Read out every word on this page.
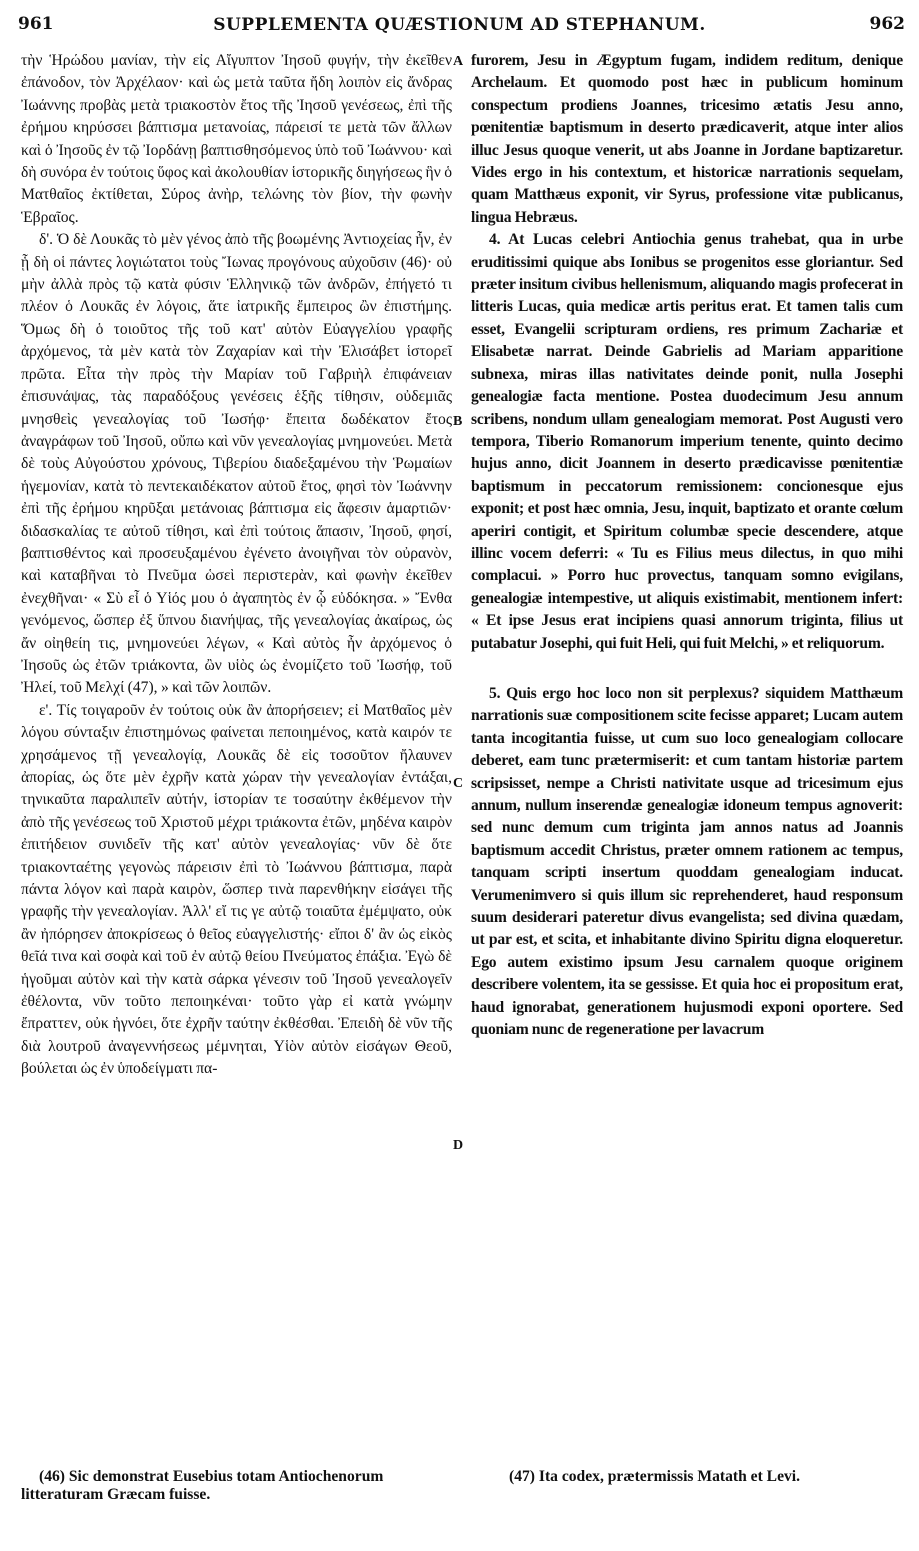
961	SUPPLEMENTA QUÆSTIONUM AD STEPHANUM.	962

τὴν Ἡρώδου μανίαν, τὴν εἰς Αἴγυπτον Ἰησοῦ φυγήν, τὴν ἐκεῖθεν ἐπάνοδον, τὸν Ἀρχέλαον· καὶ ὡς μετὰ ταῦτα ἤδη λοιπὸν εἰς ἄνδρας Ἰωάννης προβὰς μετὰ τριακοστὸν ἔτος τῆς Ἰησοῦ γενέσεως, ἐπὶ τῆς ἐρήμου κηρύσσει βάπτισμα μετανοίας, πάρεισί τε μετὰ τῶν ἄλλων καὶ ὁ Ἰησοῦς ἐν τῷ Ἰορδάνῃ βαπτισθησόμενος ὑπὸ τοῦ Ἰωάννου· καὶ δὴ συνόρα ἐν τούτοις ὕφος καὶ ἀκολουθίαν ἱστορικῆς διηγήσεως ἣν ὁ Ματθαῖος ἐκτίθεται, Σύρος ἀνὴρ, τελώνης τὸν βίον, τὴν φωνὴν Ἑβραῖος.

δ'. Ὁ δὲ Λουκᾶς τὸ μὲν γένος ἀπὸ τῆς βοωμένης Ἀντιοχείας ἦν, ἐν ᾗ δὴ οἱ πάντες λογιώτατοι τοὺς Ἴωνας προγόνους αὐχοῦσιν (46)· οὐ μὴν ἀλλὰ πρὸς τῷ κατὰ φύσιν Ἑλληνικῷ τῶν ἀνδρῶν, ἐπήγετό τι πλέον ὁ Λουκᾶς ἐν λόγοις, ἅτε ἰατρικῆς ἔμπειρος ὢν ἐπιστήμης. Ὅμως δὴ ὁ τοιοῦτος τῆς τοῦ κατ' αὐτὸν Εὐαγγελίου γραφῆς ἀρχόμενος, τὰ μὲν κατὰ τὸν Ζαχαρίαν καὶ τὴν Ἐλισάβετ ἱστορεῖ πρῶτα. Εἶτα τὴν πρὸς τὴν Μαρίαν τοῦ Γαβριὴλ ἐπιφάνειαν ἐπισυνάψας, τὰς παραδόξους γενέσεις ἑξῆς τίθησιν, οὐδεμιᾶς μνησθεὶς γενεαλογίας τοῦ Ἰωσήφ· ἔπειτα δωδέκατον ἔτος ἀναγράφων τοῦ Ἰησοῦ, οὔπω καὶ νῦν γενεαλογίας μνημονεύει. Μετὰ δὲ τοὺς Αὐγούστου χρόνους, Τιβερίου διαδεξαμένου τὴν Ῥωμαίων ἡγεμονίαν, κατὰ τὸ πεντεκαιδέκατον αὐτοῦ ἔτος, φησὶ τὸν Ἰωάννην ἐπὶ τῆς ἐρήμου κηρῦξαι μετάνοιας βάπτισμα εἰς ἄφεσιν ἁμαρτιῶν· διδασκαλίας τε αὐτοῦ τίθησι, καὶ ἐπὶ τούτοις ἅπασιν, Ἰησοῦ, φησί, βαπτισθέντος καὶ προσευξαμένου ἐγένετο ἀνοιγῆναι τὸν οὐρανὸν, καὶ καταβῆναι τὸ Πνεῦμα ὡσεὶ περιστερὰν, καὶ φωνὴν ἐκεῖθεν ἐνεχθῆναι· « Σὺ εἶ ὁ Υἱός μου ὁ ἀγαπητὸς ἐν ᾧ εὐδόκησα. » Ἔνθα γενόμενος, ὥσπερ ἐξ ὕπνου διανήψας, τῆς γενεαλογίας ἀκαίρως, ὡς ἄν οἰηθείη τις, μνημονεύει λέγων, « Καὶ αὐτὸς ἦν ἀρχόμενος ὁ Ἰησοῦς ὡς ἐτῶν τριάκοντα, ὢν υἱὸς ὡς ἐνομίζετο τοῦ Ἰωσήφ, τοῦ Ἠλεί, τοῦ Μελχί (47), » καὶ τῶν λοιπῶν.

ε'. Τίς τοιγαροῦν ἐν τούτοις οὐκ ἂν ἀπορήσειεν; εἰ Ματθαῖος μὲν λόγου σύνταξιν ἐπιστημόνως φαίνεται πεποιημένος, κατὰ καιρόν τε χρησάμενος τῇ γενεαλογίᾳ, Λουκᾶς δὲ εἰς τοσοῦτον ἤλαυνεν ἀπορίας, ὡς ὅτε μὲν ἐχρῆν κατὰ χώραν τὴν γενεαλογίαν ἐντάξαι, τηνικαῦτα παραλιπεῖν αὐτήν, ἱστορίαν τε τοσαύτην ἐκθέμενον τὴν ἀπὸ τῆς γενέσεως τοῦ Χριστοῦ μέχρι τριάκοντα ἐτῶν, μηδένα καιρὸν ἐπιτήδειον συνιδεῖν τῆς κατ' αὐτὸν γενεαλογίας· νῦν δὲ ὅτε τριακονταέτης γεγονὼς πάρεισιν ἐπὶ τὸ Ἰωάννου βάπτισμα, παρὰ πάντα λόγον καὶ παρὰ καιρὸν, ὥσπερ τινὰ παρενθήκην εἰσάγει τῆς γραφῆς τὴν γενεαλογίαν. Ἀλλ' εἴ τις γε αὐτῷ τοιαῦτα ἐμέμψατο, οὐκ ἂν ἠπόρησεν ἀποκρίσεως ὁ θεῖος εὐαγγελιστής· εἴποι δ' ἂν ὡς εἰκὸς θεῖά τινα καὶ σοφὰ καὶ τοῦ ἐν αὐτῷ θείου Πνεύματος ἐπάξια. Ἐγὼ δὲ ἡγοῦμαι αὐτὸν καὶ τὴν κατὰ σάρκα γένεσιν τοῦ Ἰησοῦ γενεαλογεῖν ἐθέλοντα, νῦν τοῦτο πεποιηκέναι· τοῦτο γὰρ εἰ κατὰ γνώμην ἔπραττεν, οὐκ ἠγνόει, ὅτε ἐχρῆν ταύτην ἐκθέσθαι. Ἐπειδὴ δὲ νῦν τῆς διὰ λουτροῦ ἀναγεννήσεως μέμνηται, Υἱὸν αὐτὸν εἰσάγων Θεοῦ, βούλεται ὡς ἐν ὑποδείγματι πα-

furorem, Jesu in Ægyptum fugam, indidem reditum, denique Archelaum. Et quomodo post hæc in publicum hominum conspectum prodiens Joannes, tricesimo ætatis Jesu anno, pœnitentiæ baptismum in deserto prædicaverit, atque inter alios illuc Jesus quoque venerit, ut abs Joanne in Jordane baptizaretur. Vides ergo in his contextum, et historicæ narrationis sequelam, quam Matthæus exponit, vir Syrus, professione vitæ publicanus, lingua Hebræus.

4. At Lucas celebri Antiochia genus trahebat, qua in urbe eruditissimi quique abs Ionibus se progenitos esse gloriantur. Sed præter insitum civibus hellenismum, aliquando magis profecerat in litteris Lucas, quia medicæ artis peritus erat. Et tamen talis cum esset, Evangelii scripturam ordiens, res primum Zachariæ et Elisabetæ narrat. Deinde Gabrielis ad Mariam apparitione subnexa, miras illas nativitates deinde ponit, nulla Josephi genealogiæ facta mentione. Postea duodecimum Jesu annum scribens, nondum ullam genealogiam memorat. Post Augusti vero tempora, Tiberio Romanorum imperium tenente, quinto decimo hujus anno, dicit Joannem in deserto prædicavisse pœnitentiæ baptismum in peccatorum remissionem: concionesque ejus exponit; et post hæc omnia, Jesu, inquit, baptizato et orante cœlum aperiri contigit, et Spiritum columbæ specie descendere, atque illinc vocem deferri: « Tu es Filius meus dilectus, in quo mihi complacui. » Porro huc provectus, tanquam somno evigilans, genealogiæ intempestive, ut aliquis existimabit, mentionem infert: « Et ipse Jesus erat incipiens quasi annorum triginta, filius ut putabatur Josephi, qui fuit Heli, qui fuit Melchi, » et reliquorum.

5. Quis ergo hoc loco non sit perplexus? siquidem Matthæum narrationis suæ compositionem scite fecisse apparet; Lucam autem tanta incogitantia fuisse, ut cum suo loco genealogiam collocare deberet, eam tunc prætermiserit: et cum tantam historiæ partem scripsisset, nempe a Christi nativitate usque ad tricesimum ejus annum, nullum inserendæ genealogiæ idoneum tempus agnoverit: sed nunc demum cum triginta jam annos natus ad Joannis baptismum accedit Christus, præter omnem rationem ac tempus, tanquam scripti insertum quoddam genealogiam inducat. Verumenimvero si quis illum sic reprehenderet, haud responsum suum desiderari pateretur divus evangelista; sed divina quædam, ut par est, et scita, et inhabitante divino Spiritu digna eloqueretur. Ego autem existimo ipsum Jesu carnalem quoque originem describere volentem, ita se gessisse. Et quia hoc ei propositum erat, haud ignorabat, generationem hujusmodi exponi oportere. Sed quoniam nunc de regeneratione per lavacrum

A
B
C
D
(46) Sic demonstrat Eusebius totam Antiochenorum litteraturam Græcam fuisse.
(47) Ita codex, prætermissis Matath et Levi.
